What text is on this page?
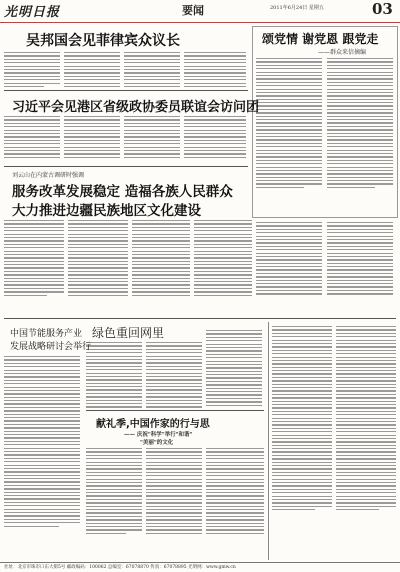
光明日报	要闻	2011年6月24日 星期五	03
吴邦国会见菲律宾众议长	颂党情 谢党恩 跟党走
——群众来信摘编
习近平会见港区省级政协委员联谊会访问团
刘云山在内蒙古调研时强调
服务改革发展稳定 造福各族人民群众
大力推进边疆民族地区文化建设
绿色重回网里
中国节能服务产业
发展战略研讨会举行
献礼季,中国作家的行与思
—— 庆祝"科学"举行"和谐"
"美丽"的文化
社址：北京市珠市口东大街5号 邮政编码：100062 总编室：67078870 传真：67078895 光明网：www.gmw.cn
